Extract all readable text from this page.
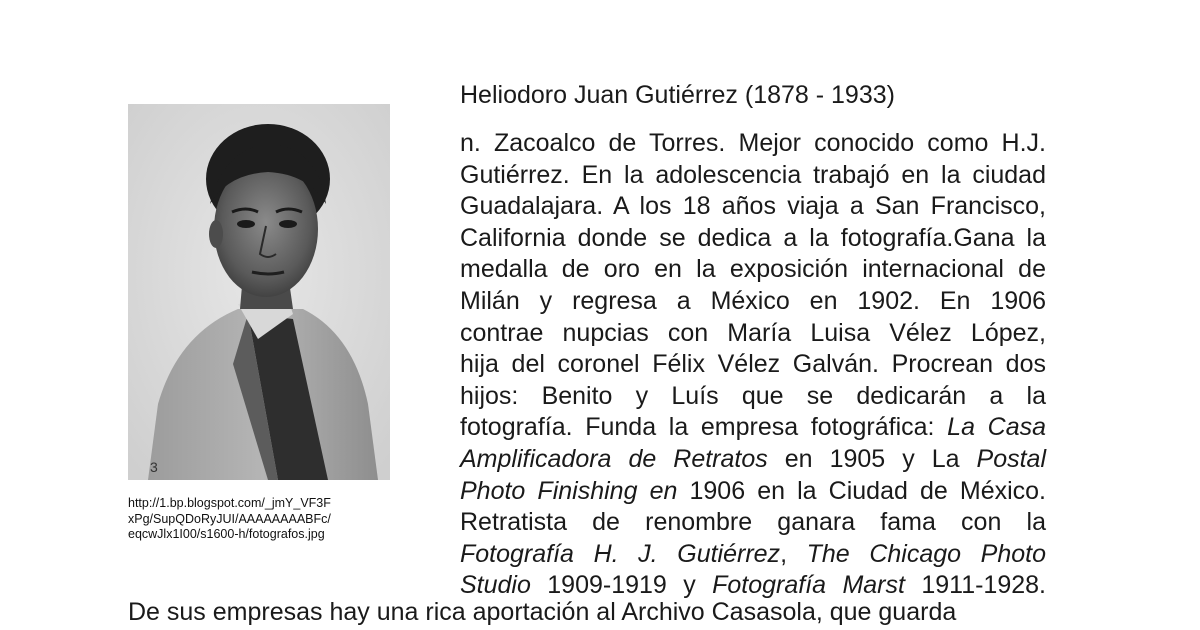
3
http://1.bp.blogspot.com/_jmY_VF3F
xPg/SupQDoRyJUI/AAAAAAAABFc/
eqcwJlx1I00/s1600-h/fotografos.jpg
Heliodoro Juan Gutiérrez (1878 - 1933)
n. Zacoalco de Torres. Mejor conocido como H.J.
Gutiérrez. En la adolescencia trabajó en la ciudad
Guadalajara. A los 18 años viaja a San Francisco,
California donde se dedica a la fotografía.Gana la
medalla de oro en la exposición internacional de
Milán y regresa a México en 1902. En 1906
contrae nupcias con María Luisa Vélez López,
hija del coronel Félix Vélez Galván. Procrean dos
hijos: Benito y Luís que se dedicarán a la
fotografía. Funda la empresa fotográfica: La Casa
Amplificadora de Retratos en 1905 y La Postal
Photo Finishing en 1906 en la Ciudad de México.
Retratista de renombre ganara fama con la
Fotografía H. J. Gutiérrez, The Chicago Photo
Studio 1909-1919 y Fotografía Marst 1911-1928.
De sus empresas hay una rica aportación al Archivo Casasola, que guarda
